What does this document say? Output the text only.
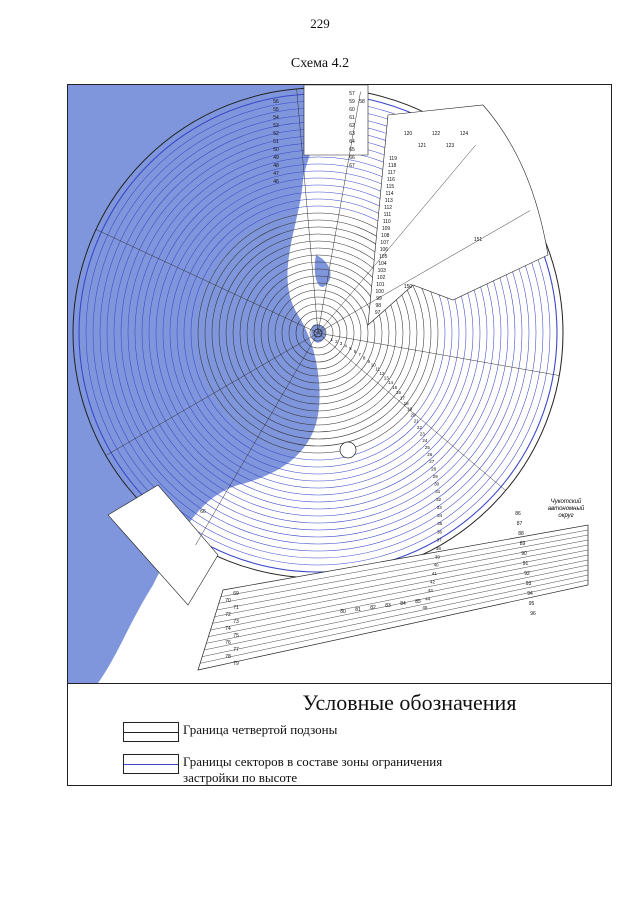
229
Схема 4.2
56
55
54
53
52
51
50
49
48
47
46
57
58
59
60
61
62
63
64
65
66
67
120
121
122
123
124
119
118
117
116
115
114
113
112
111
110
109
108
107
106
105
104
103
102
101
100
99
98
97
150
151
1 2 3 4
5
6
7
8
9
10
11
12
13
14
15
16
17
18
19
20
21
22
23
24
25
26
27
28
29
30
31
32
33
34
35
36
37
38
39
40
41
42
43
44
45
86
87
88
89
90
91
92
93
94
95
96
66
69
70
71
72
73
74
75
76
77
78
79
80 81 82 83 84 85
Чукотский
автономный
округ
Условные обозначения
Граница четвертой подзоны
Границы секторов в составе зоны ограничения застройки по высоте
